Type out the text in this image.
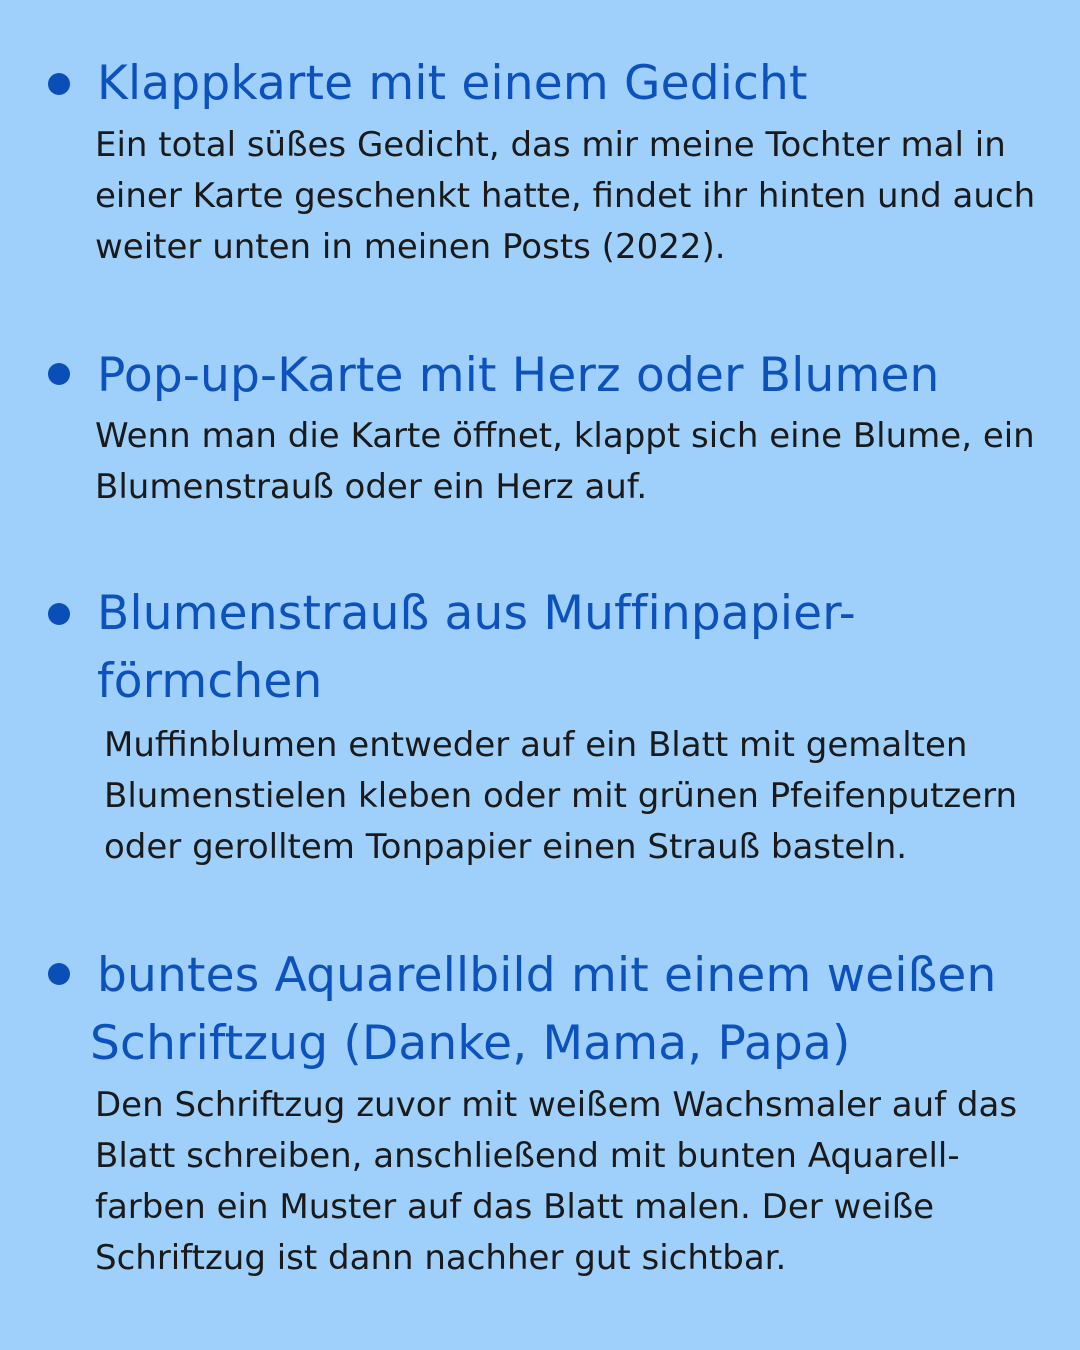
Klappkarte mit einem Gedicht

Ein total süßes Gedicht, das mir meine Tochter mal in
einer Karte geschenkt hatte, findet ihr hinten und auch
weiter unten in meinen Posts (2022).

Pop-up-Karte mit Herz oder Blumen

Wenn man die Karte öffnet, klappt sich eine Blume, ein
Blumenstrauß oder ein Herz auf.

Blumenstrauß aus Muffinpapier-
förmchen

Muffinblumen entweder auf ein Blatt mit gemalten
Blumenstielen kleben oder mit grünen Pfeifenputzern
oder gerolltem Tonpapier einen Strauß basteln.

buntes Aquarellbild mit einem weißen
Schriftzug (Danke, Mama, Papa)

Den Schriftzug zuvor mit weißem Wachsmaler auf das
Blatt schreiben, anschließend mit bunten Aquarell-
farben ein Muster auf das Blatt malen. Der weiße
Schriftzug ist dann nachher gut sichtbar.
